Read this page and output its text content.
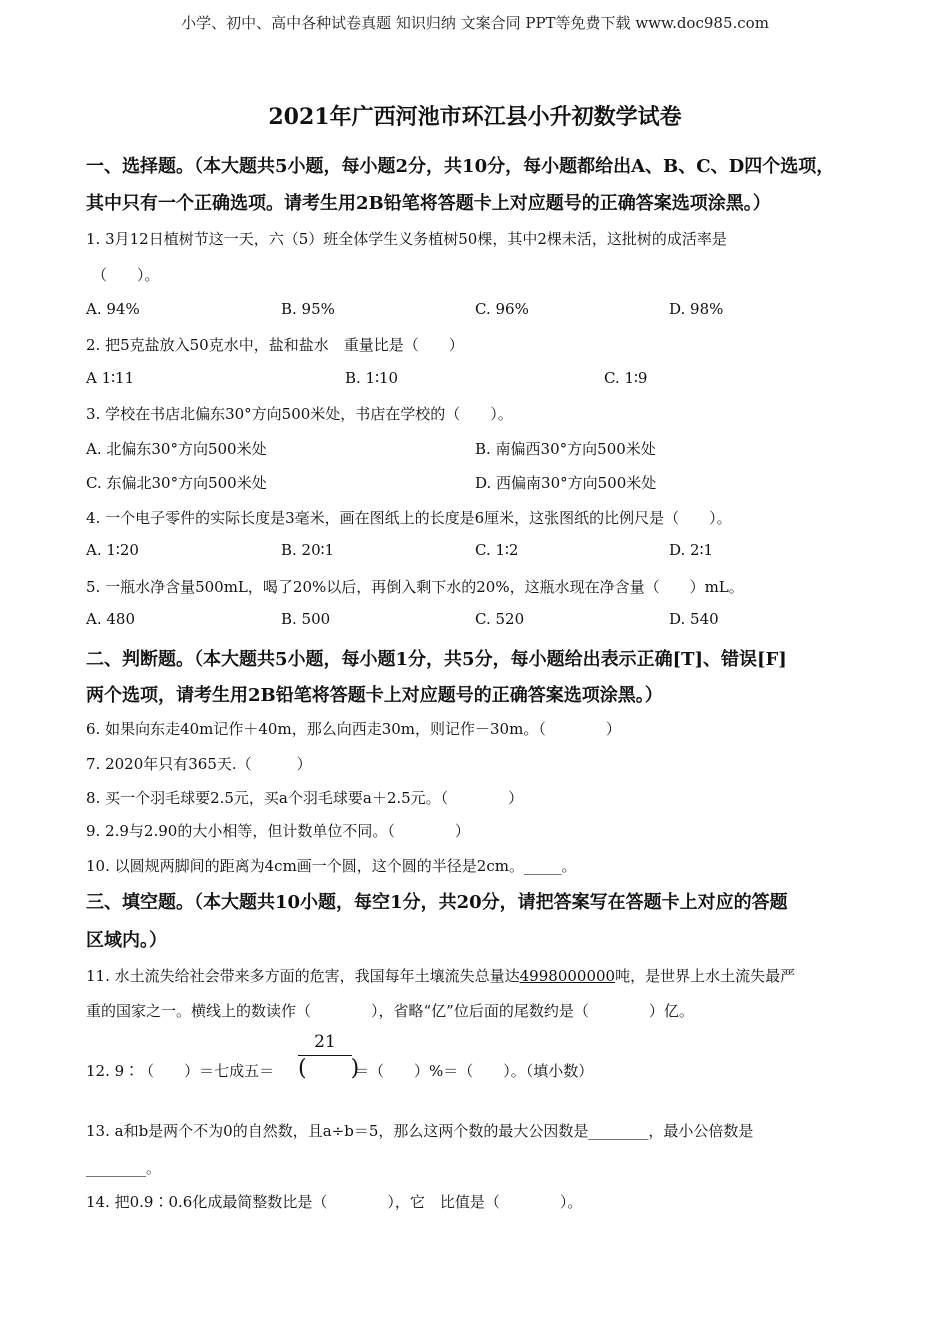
小学、初中、高中各种试卷真题 知识归纳 文案合同 PPT等免费下载 www.doc985.com
2021年广西河池市环江县小升初数学试卷
一、选择题。（本大题共5小题，每小题2分，共10分，每小题都给出A、B、C、D四个选项，
其中只有一个正确选项。请考生用2B铅笔将答题卡上对应题号的正确答案选项涂黑。）
1. 3月12日植树节这一天，六（5）班全体学生义务植树50棵，其中2棵未活，这批树的成活率是
（　　）。
A. 94%	B. 95%	C. 96%	D. 98%
2. 把5克盐放入50克水中，盐和盐水　重量比是（　　）
A 1∶11	B. 1∶10	C. 1∶9
3. 学校在书店北偏东30°方向500米处，书店在学校的（　　）。
A. 北偏东30°方向500米处	B. 南偏西30°方向500米处
C. 东偏北30°方向500米处	D. 西偏南30°方向500米处
4. 一个电子零件的实际长度是3毫米，画在图纸上的长度是6厘米，这张图纸的比例尺是（　　）。
A. 1∶20	B. 20∶1	C. 1∶2	D. 2∶1
5. 一瓶水净含量500mL，喝了20%以后，再倒入剩下水的20%，这瓶水现在净含量（　　）mL。
A. 480	B. 500	C. 520	D. 540
二、判断题。（本大题共5小题，每小题1分，共5分，每小题给出表示正确[T]、错误[F]
两个选项，请考生用2B铅笔将答题卡上对应题号的正确答案选项涂黑。）
6. 如果向东走40m记作＋40m，那么向西走30m，则记作－30m。（　　　　）
7. 2020年只有365天.（　　　）
8. 买一个羽毛球要2.5元，买a个羽毛球要a＋2.5元。（　　　　）
9. 2.9与2.90的大小相等，但计数单位不同。（　　　　）
10. 以圆规两脚间的距离为4cm画一个圆，这个圆的半径是2cm。_____。
三、填空题。（本大题共10小题，每空1分，共20分，请把答案写在答题卡上对应的答题
区域内。）
11. 水土流失给社会带来多方面的危害，我国每年土壤流失总量达4998000000吨，是世界上水土流失最严
重的国家之一。横线上的数读作（　　　　），省略“亿”位后面的尾数约是（　　　　）亿。
12. 9∶（　　）＝七成五＝
21
(　　)
＝（　　）%＝（　　）。（填小数）
13. a和b是两个不为0的自然数，且a÷b＝5，那么这两个数的最大公因数是________，最小公倍数是
________。
14. 把0.9∶0.6化成最简整数比是（　　　　），它　比值是（　　　　）。
